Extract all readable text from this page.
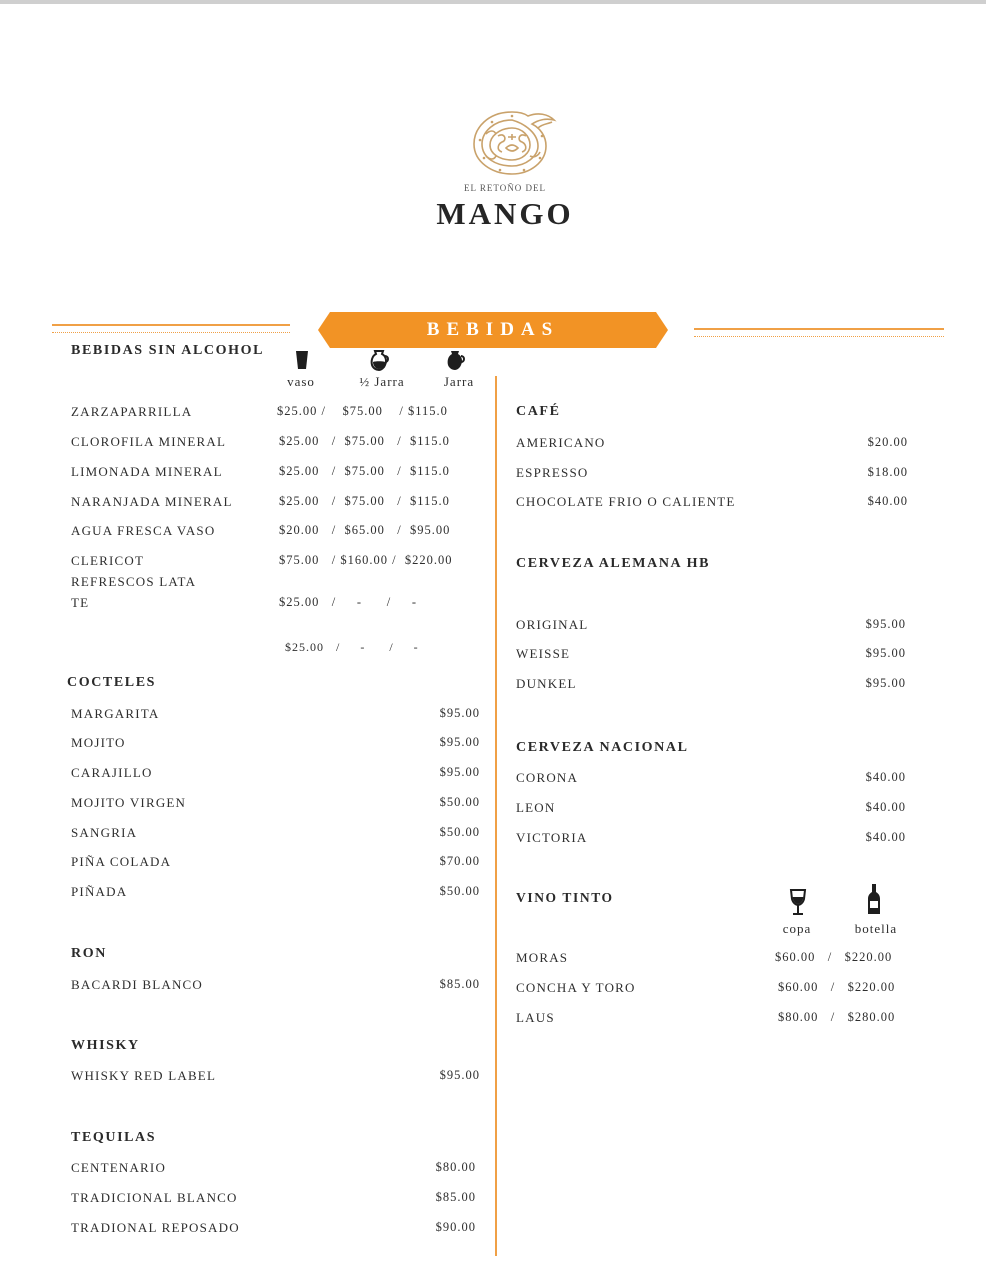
EL RETOÑO DEL
MANGO
BEBIDAS
BEBIDAS SIN ALCOHOL
vaso	½ Jarra	Jarra
ZARZAPARRILLA	$25.00 /    $75.00    / $115.0
CLOROFILA MINERAL	$25.00   /  $75.00   /  $115.0
LIMONADA MINERAL	$25.00   /  $75.00   /  $115.0
NARANJADA MINERAL	$25.00   /  $75.00   /  $115.0
AGUA FRESCA VASO	$20.00   /  $65.00   /  $95.00
CLERICOT	$75.00   / $160.00 /  $220.00
REFRESCOS LATA
TE	$25.00   /     -      /     -
$25.00   /     -      /     -
COCTELES
MARGARITA	$95.00
MOJITO	$95.00
CARAJILLO	$95.00
MOJITO VIRGEN	$50.00
SANGRIA	$50.00
PIÑA COLADA	$70.00
PIÑADA	$50.00
RON
BACARDI BLANCO	$85.00
WHISKY
WHISKY RED LABEL	$95.00
TEQUILAS
CENTENARIO	$80.00
TRADICIONAL BLANCO	$85.00
TRADIONAL REPOSADO	$90.00
CAFÉ
AMERICANO	$20.00
ESPRESSO	$18.00
CHOCOLATE FRIO O CALIENTE	$40.00
CERVEZA ALEMANA HB
ORIGINAL	$95.00
WEISSE	$95.00
DUNKEL	$95.00
CERVEZA NACIONAL
CORONA	$40.00
LEON	$40.00
VICTORIA	$40.00
VINO TINTO
copa	botella
MORAS	$60.00   /   $220.00
CONCHA Y TORO	$60.00   /   $220.00
LAUS	$80.00   /   $280.00
